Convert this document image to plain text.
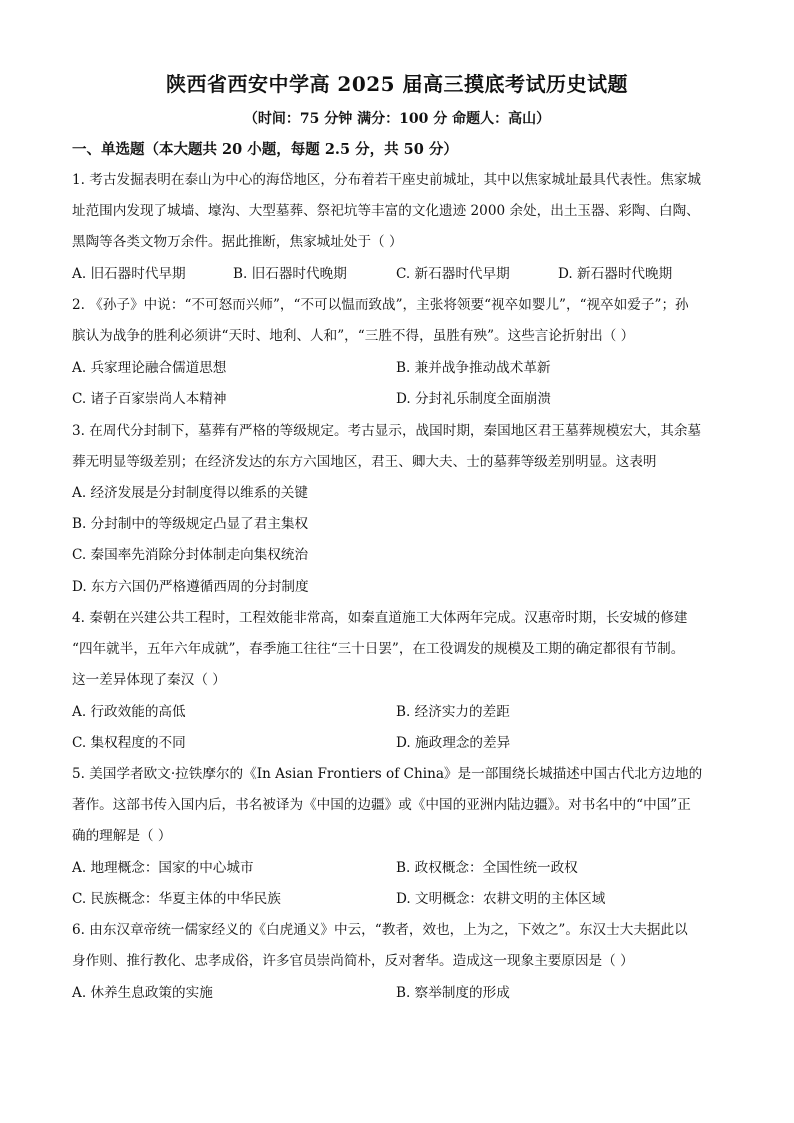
陕西省西安中学高 2025 届高三摸底考试历史试题
（时间：75 分钟 满分：100 分 命题人：高山）
一、单选题（本大题共 20 小题，每题 2.5 分，共 50 分）
1. 考古发掘表明在泰山为中心的海岱地区，分布着若干座史前城址，其中以焦家城址最具代表性。焦家城
址范围内发现了城墙、壕沟、大型墓葬、祭祀坑等丰富的文化遗迹 2000 余处，出土玉器、彩陶、白陶、
黑陶等各类文物万余件。据此推断，焦家城址处于（ ）
A. 旧石器时代早期	B. 旧石器时代晚期	C. 新石器时代早期	D. 新石器时代晚期
2. 《孙子》中说：“不可怒而兴师”，“不可以愠而致战”，主张将领要“视卒如婴儿”，“视卒如爱子”；孙
膑认为战争的胜利必须讲“天时、地利、人和”，“三胜不得，虽胜有殃”。这些言论折射出（ ）
A. 兵家理论融合儒道思想	B. 兼并战争推动战术革新
C. 诸子百家崇尚人本精神	D. 分封礼乐制度全面崩溃
3. 在周代分封制下，墓葬有严格的等级规定。考古显示，战国时期，秦国地区君王墓葬规模宏大，其余墓
葬无明显等级差别；在经济发达的东方六国地区，君王、卿大夫、士的墓葬等级差别明显。这表明
A. 经济发展是分封制度得以维系的关键
B. 分封制中的等级规定凸显了君主集权
C. 秦国率先消除分封体制走向集权统治
D. 东方六国仍严格遵循西周的分封制度
4. 秦朝在兴建公共工程时，工程效能非常高，如秦直道施工大体两年完成。汉惠帝时期，长安城的修建
“四年就半，五年六年成就”，春季施工往往“三十日罢”，在工役调发的规模及工期的确定都很有节制。
这一差异体现了秦汉（ ）
A. 行政效能的高低	B. 经济实力的差距
C. 集权程度的不同	D. 施政理念的差异
5. 美国学者欧文·拉铁摩尔的《In Asian Frontiers of China》是一部围绕长城描述中国古代北方边地的
著作。这部书传入国内后，书名被译为《中国的边疆》或《中国的亚洲内陆边疆》。对书名中的“中国”正
确的理解是（ ）
A. 地理概念：国家的中心城市	B. 政权概念：全国性统一政权
C. 民族概念：华夏主体的中华民族	D. 文明概念：农耕文明的主体区域
6. 由东汉章帝统一儒家经义的《白虎通义》中云，“教者，效也，上为之，下效之”。东汉士大夫据此以
身作则、推行教化、忠孝成俗，许多官员崇尚简朴，反对奢华。造成这一现象主要原因是（ ）
A. 休养生息政策的实施	B. 察举制度的形成
